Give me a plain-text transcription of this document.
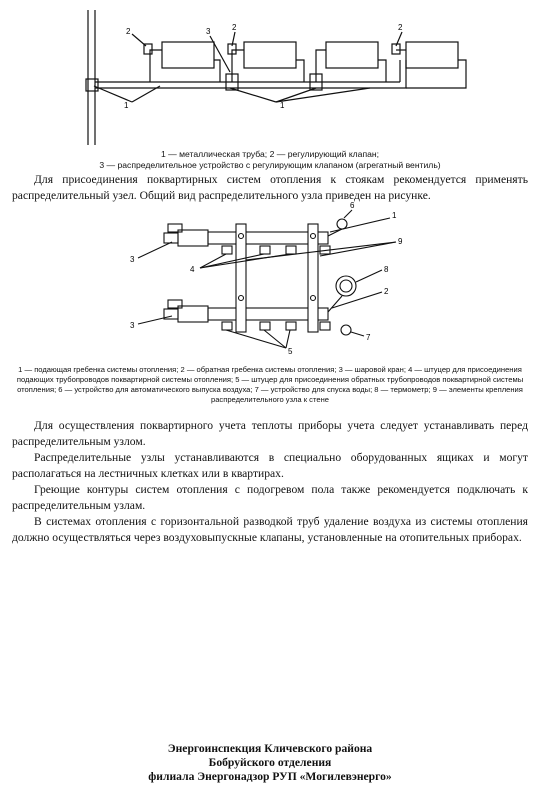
2	3	2	2
1	1
1 — металлическая труба; 2 — регулирующий клапан;
3 — распределительное устройство с регулирующим клапаном (агрегатный вентиль)

Для присоединения поквартирных систем отопления к стоякам рекомендуется применять распределительный узел. Общий вид распределительного узла приведен на рисунке.

3
3
4
5
6
1
9
8
2
7
1 — подающая гребенка системы отопления; 2 — обратная гребенка системы отопления; 3 — шаровой кран; 4 — штуцер для присоединения подающих трубопроводов поквартирной системы отопления; 5 — штуцер для присоединения обратных трубопроводов поквартирной системы отопления; 6 — устройство для автоматического выпуска воздуха; 7 — устройство для спуска воды; 8 — термометр; 9 — элементы крепления распределительного узла к стене

Для осуществления поквартирного учета теплоты приборы учета следует устанавливать перед распределительным узлом.

Распределительные узлы устанавливаются в специально оборудованных ящиках и могут располагаться на лестничных клетках или в квартирах.

Греющие контуры систем отопления с подогревом пола также рекомендуется подключать к распределительным узлам.

В системах отопления с горизонтальной разводкой труб удаление воздуха из системы отопления должно осуществляться через воздуховыпускные клапаны, установленные на отопительных приборах.

Энергоинспекция Кличевского района
Бобруйского отделения
филиала Энергонадзор РУП «Могилевэнерго»
